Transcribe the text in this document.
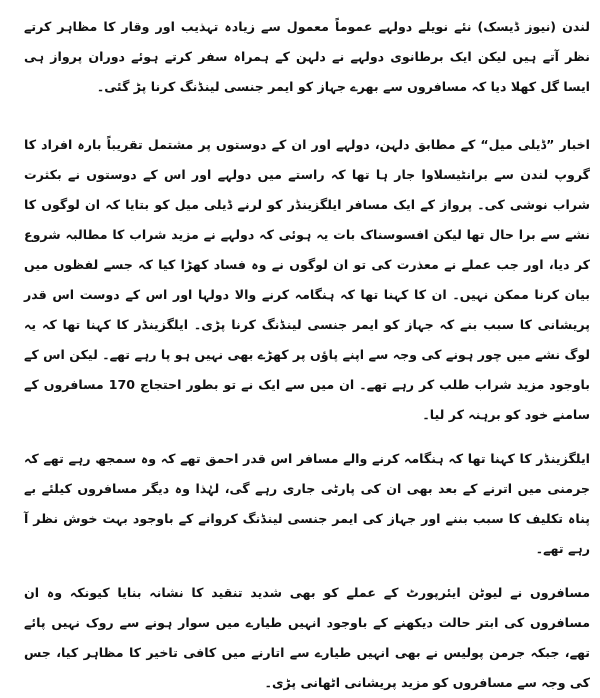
لندن (نیوز ڈیسک) نئے نویلے دولہے عموماً معمول سے زیادہ تہذیب اور وقار کا مظاہر کرتے نظر آتے ہیں لیکن ایک برطانوی دولہے نے دلہن کے ہمراہ سفر کرتے ہوئے دوران پرواز ہی ایسا گل کھلا دیا کہ مسافروں سے بھرے جہاز کو ایمر جنسی لینڈنگ کرنا پڑ گئی۔

اخبار ”ڈیلی میل“ کے مطابق دلہن، دولہے اور ان کے دوستوں پر مشتمل تقریباً بارہ افراد کا گروپ لندن سے برانٹیسلاوا جار ہا تھا کہ راستے میں دولہے اور اس کے دوستوں نے بکثرت شراب نوشی کی۔ پرواز کے ایک مسافر ایلگزینڈر کو لرنے ڈیلی میل کو بتایا کہ ان لوگوں کا نشے سے برا حال تھا لیکن افسوسناک بات یہ ہوئی کہ دولہے نے مزید شراب کا مطالبہ شروع کر دیا، اور جب عملے نے معذرت کی تو ان لوگوں نے وہ فساد کھڑا کیا کہ جسے لفظوں میں بیان کرنا ممکن نہیں۔ ان کا کہنا تھا کہ ہنگامہ کرنے والا دولہا اور اس کے دوست اس قدر پریشانی کا سبب بنے کہ جہاز کو ایمر جنسی لینڈنگ کرنا پڑی۔ ایلگزینڈر کا کہنا تھا کہ یہ لوگ نشے میں چور ہونے کی وجہ سے اپنے پاؤں پر کھڑے بھی نہیں ہو پا رہے تھے۔ لیکن اس کے باوجود مزید شراب طلب کر رہے تھے۔ ان میں سے ایک نے تو بطور احتجاج 170 مسافروں کے سامنے خود کو برہنہ کر لیا۔

ایلگزینڈر کا کہنا تھا کہ ہنگامہ کرنے والے مسافر اس قدر احمق تھے کہ وہ سمجھ رہے تھے کہ جرمنی میں اترنے کے بعد بھی ان کی پارٹی جاری رہے گی، لہٰذا وہ دیگر مسافروں کیلئے بے پناہ تکلیف کا سبب بننے اور جہاز کی ایمر جنسی لینڈنگ کروانے کے باوجود بہت خوش نظر آ رہے تھے۔

مسافروں نے لیوٹن ایئرپورٹ کے عملے کو بھی شدید تنقید کا نشانہ بنایا کیونکہ وہ ان مسافروں کی ابتر حالت دیکھنے کے باوجود انہیں طیارے میں سوار ہونے سے روک نہیں پائے تھے، جبکہ جرمن پولیس نے بھی انہیں طیارے سے اتارنے میں کافی تاخیر کا مظاہر کیا، جس کی وجہ سے مسافروں کو مزید پریشانی اٹھانی پڑی۔
